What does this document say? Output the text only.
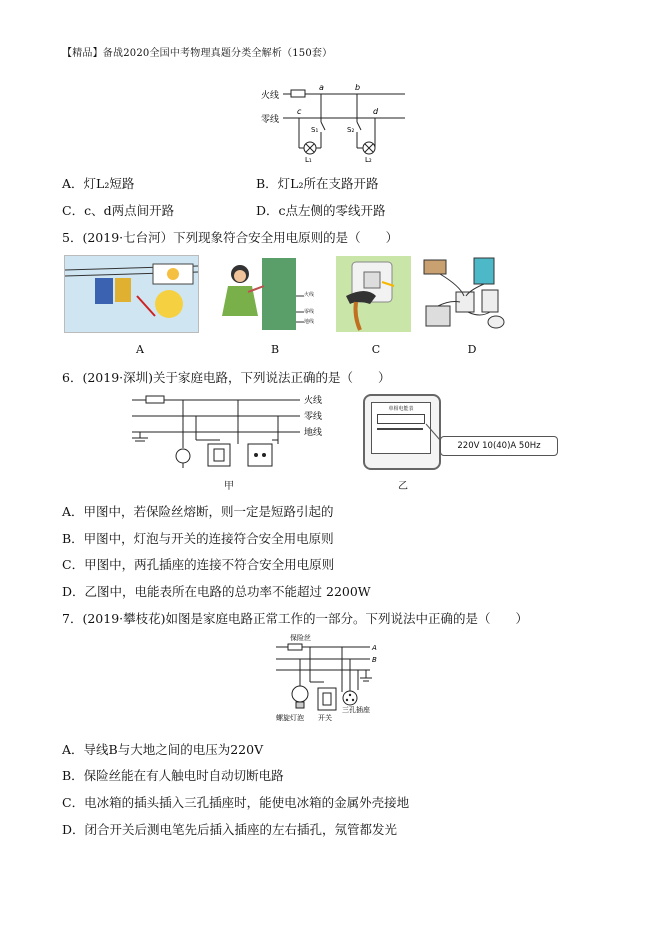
【精品】备战2020全国中考物理真题分类全解析（150套）
火线
零线
a	b
c	d
S₁	S₂
L₁	L₂
A．灯L₂短路	B．灯L₂所在支路开路
C．c、d两点间开路	D．c点左侧的零线开路
5．(2019·七台河）下列现象符合安全用电原则的是（　　）
火线
零线
地线
A	B	C	D
6．(2019·深圳)关于家庭电路，下列说法正确的是（　　）
火线
零线
地线
单相电能表
220V 10(40)A 50Hz
甲	乙
A．甲图中，若保险丝熔断，则一定是短路引起的
B．甲图中，灯泡与开关的连接符合安全用电原则
C．甲图中，两孔插座的连接不符合安全用电原则
D．乙图中，电能表所在电路的总功率不能超过 2200W
7．(2019·攀枝花)如图是家庭电路正常工作的一部分。下列说法中正确的是（　　）
保险丝
A
B
螺旋灯泡 开关
三孔插座
A．导线B与大地之间的电压为220V
B．保险丝能在有人触电时自动切断电路
C．电冰箱的插头插入三孔插座时，能使电冰箱的金属外壳接地
D．闭合开关后测电笔先后插入插座的左右插孔，氖管都发光
